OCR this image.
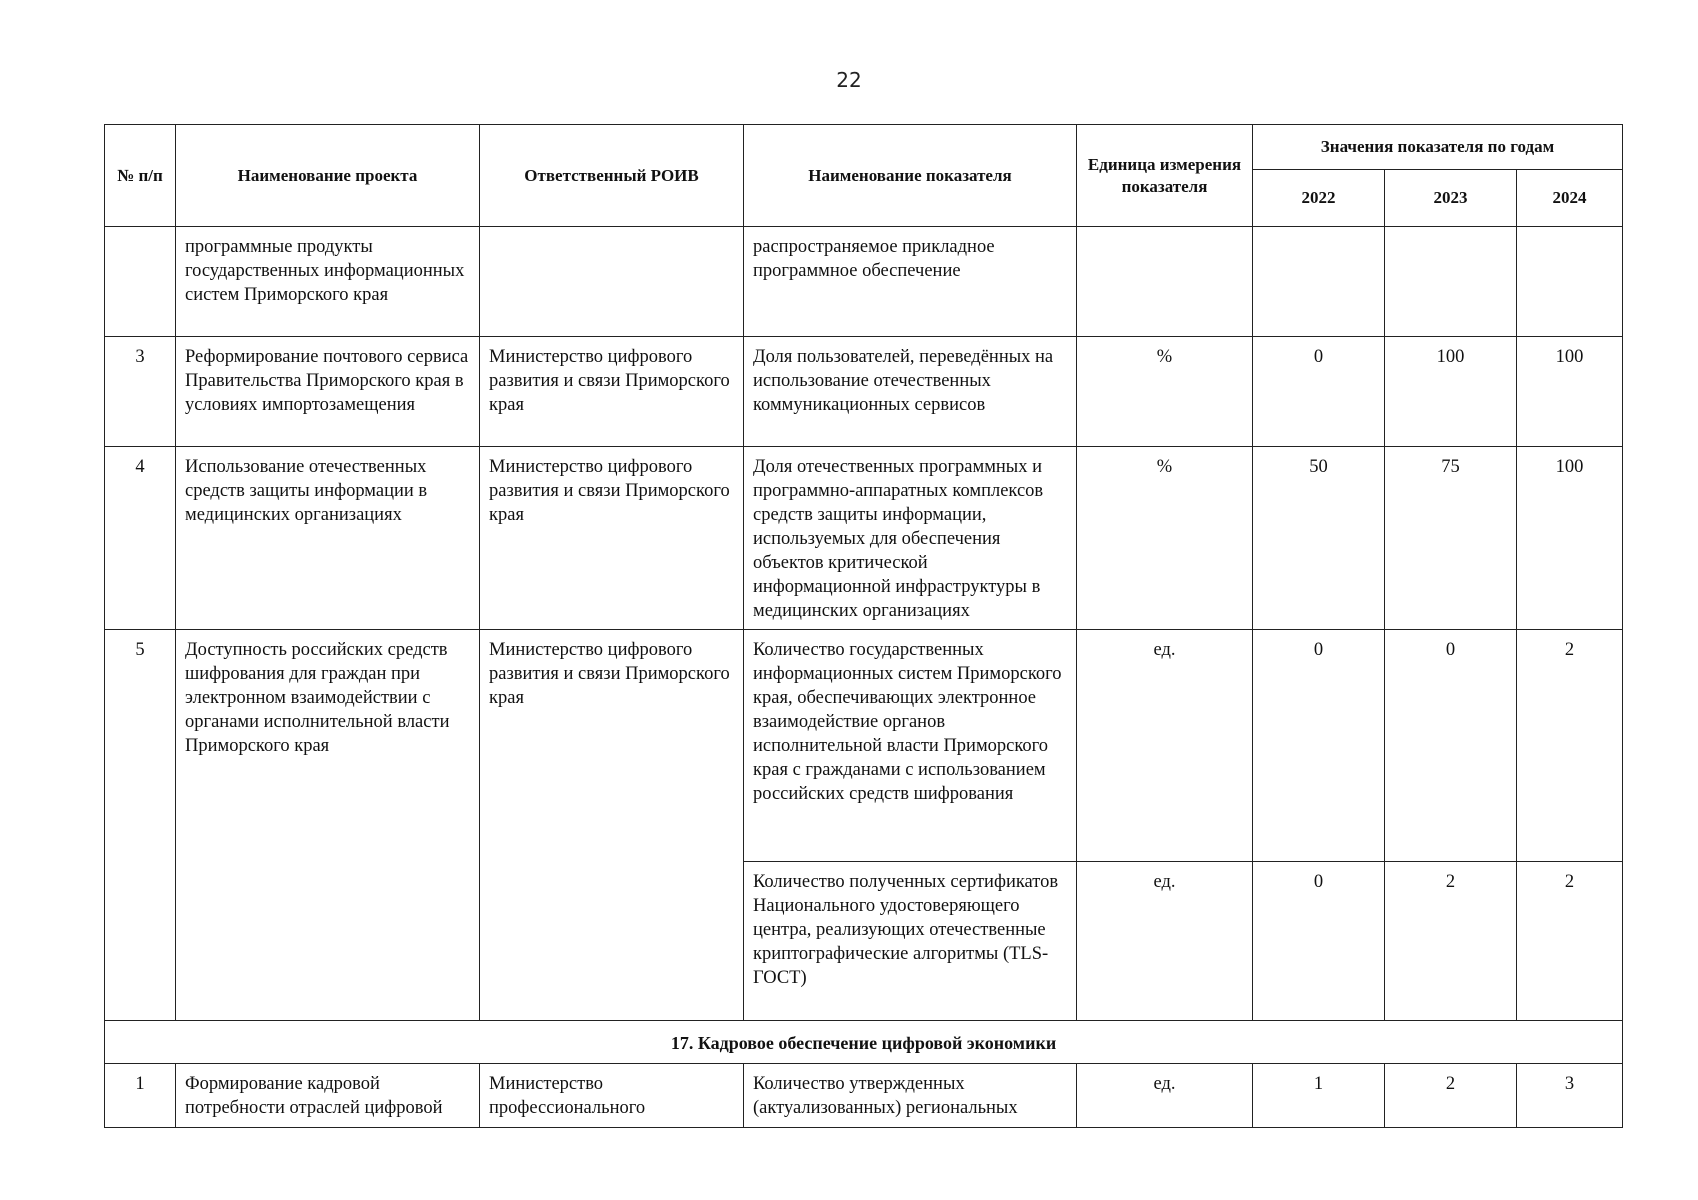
22
№ п/п	Наименование проекта	Ответственный РОИВ	Наименование показателя	Единица измерения показателя	Значения показателя по годам		
					2022	2023	2024
	программные продукты государственных информационных систем Приморского края		распространяемое прикладное программное обеспечение				
3	Реформирование почтового сервиса Правительства Приморского края в условиях импортозамещения	Министерство цифрового развития и связи Приморского края	Доля пользователей, переведённых на использование отечественных коммуникационных сервисов	%	0	100	100
4	Использование отечественных средств защиты информации в медицинских организациях	Министерство цифрового развития и связи Приморского края	Доля отечественных программных и программно-аппаратных комплексов средств защиты информации, используемых для обеспечения объектов критической информационной инфраструктуры в медицинских организациях	%	50	75	100
5	Доступность российских средств шифрования для граждан при электронном взаимодействии с органами исполнительной власти Приморского края	Министерство цифрового развития и связи Приморского края	Количество государственных информационных систем Приморского края, обеспечивающих электронное взаимодействие органов исполнительной власти Приморского края с гражданами с использованием российских средств шифрования	ед.	0	0	2
			Количество полученных сертификатов Национального удостоверяющего центра, реализующих отечественные криптографические алгоритмы (TLS-ГОСТ)	ед.	0	2	2
17. Кадровое обеспечение цифровой экономики							
1	Формирование кадровой потребности отраслей цифровой	Министерство профессионального	Количество утвержденных (актуализованных) региональных	ед.	1	2	3
